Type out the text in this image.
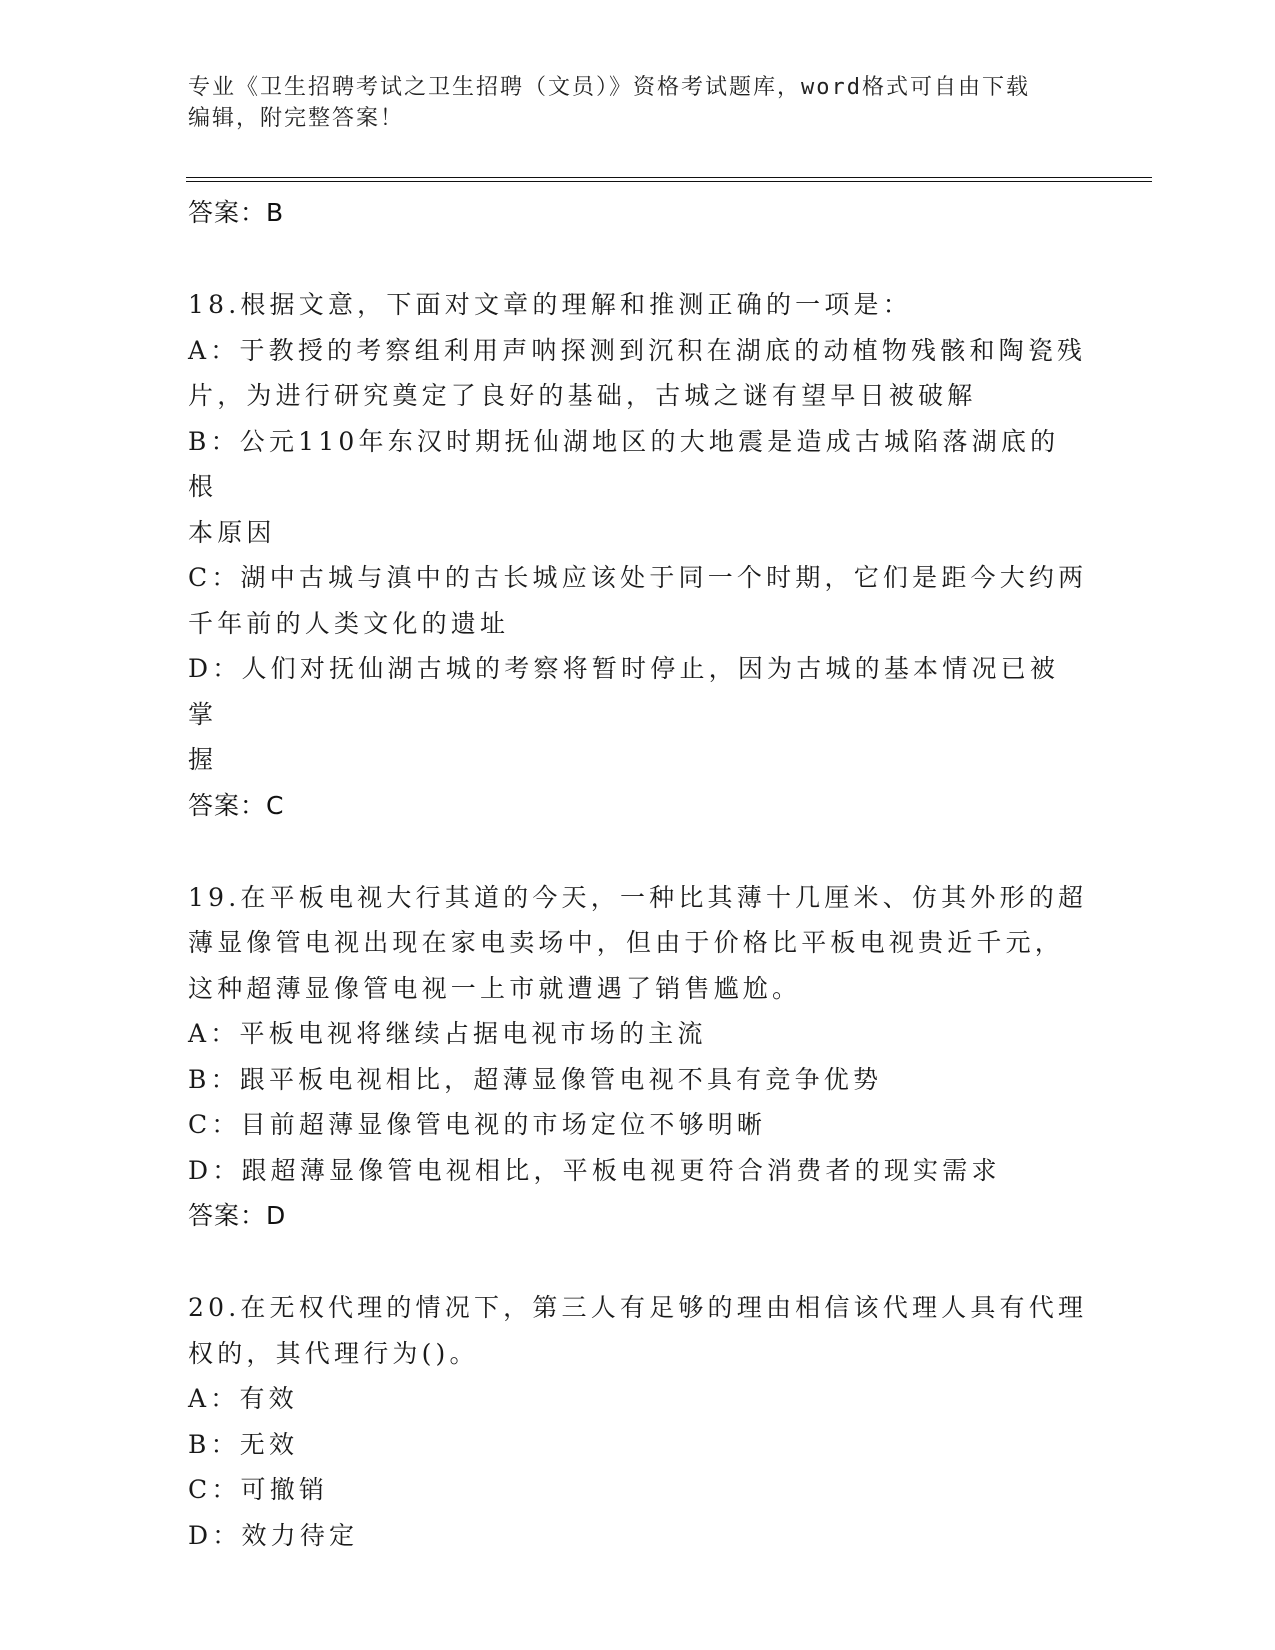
专业《卫生招聘考试之卫生招聘（文员）》资格考试题库，word格式可自由下载
编辑，附完整答案！
答案：B
18.根据文意，下面对文章的理解和推测正确的一项是：
A：于教授的考察组利用声呐探测到沉积在湖底的动植物残骸和陶瓷残
片，为进行研究奠定了良好的基础，古城之谜有望早日被破解
B：公元110年东汉时期抚仙湖地区的大地震是造成古城陷落湖底的根
本原因
C：湖中古城与滇中的古长城应该处于同一个时期，它们是距今大约两
千年前的人类文化的遗址
D：人们对抚仙湖古城的考察将暂时停止，因为古城的基本情况已被掌
握
答案：C
19.在平板电视大行其道的今天，一种比其薄十几厘米、仿其外形的超
薄显像管电视出现在家电卖场中，但由于价格比平板电视贵近千元，
这种超薄显像管电视一上市就遭遇了销售尴尬。
A：平板电视将继续占据电视市场的主流
B：跟平板电视相比，超薄显像管电视不具有竞争优势
C：目前超薄显像管电视的市场定位不够明晰
D：跟超薄显像管电视相比，平板电视更符合消费者的现实需求
答案：D
20.在无权代理的情况下，第三人有足够的理由相信该代理人具有代理
权的，其代理行为()。
A：有效
B：无效
C：可撤销
D：效力待定
